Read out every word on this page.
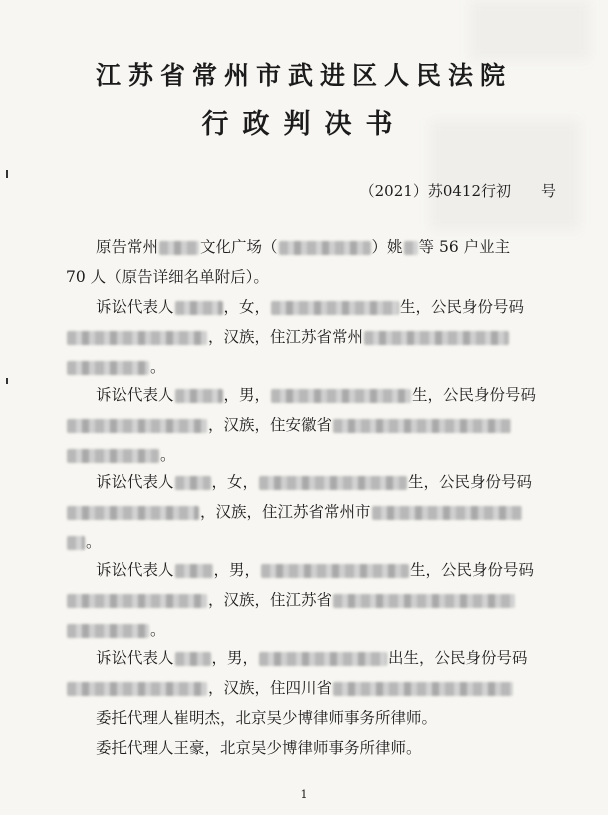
江苏省常州市武进区人民法院
行政判决书
（2021）苏0412行初　　号
原告常州	文化广场（	）姚 等 56 户业主
70 人（原告详细名单附后）。
诉讼代表人	，女，	生，公民身份号码
，汉族，住江苏省常州
。
诉讼代表人	，男，	生，公民身份号码
，汉族，住安徽省
。
诉讼代表人 ，女，	生，公民身份号码
，汉族，住江苏省常州市
。
诉讼代表人	，男，	生，公民身份号码
，汉族，住江苏省
。
诉讼代表人 ，男，	出生，公民身份号码
，汉族，住四川省
委托代理人崔明杰，北京吴少博律师事务所律师。
委托代理人王豪，北京吴少博律师事务所律师。
1
